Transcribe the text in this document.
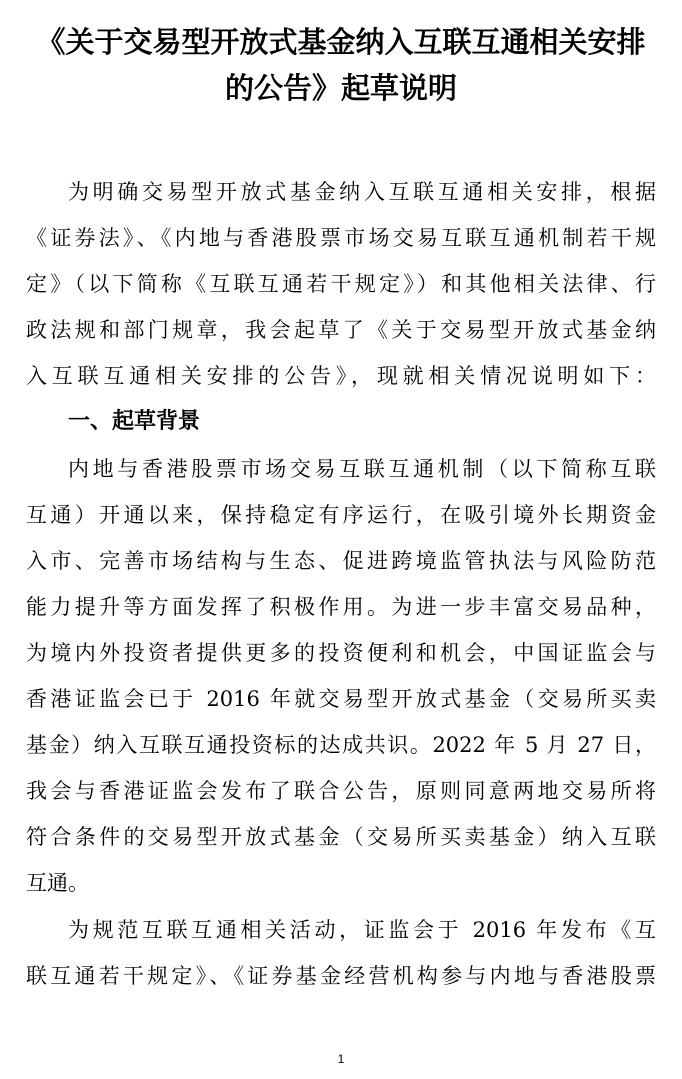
《关于交易型开放式基金纳入互联互通相关安排
的公告》起草说明
为明确交易型开放式基金纳入互联互通相关安排，根据
《证券法》、《内地与香港股票市场交易互联互通机制若干规
定》（以下简称《互联互通若干规定》）和其他相关法律、行
政法规和部门规章，我会起草了《关于交易型开放式基金纳
入互联互通相关安排的公告》，现就相关情况说明如下：
一、起草背景
内地与香港股票市场交易互联互通机制（以下简称互联
互通）开通以来，保持稳定有序运行，在吸引境外长期资金
入市、完善市场结构与生态、促进跨境监管执法与风险防范
能力提升等方面发挥了积极作用。为进一步丰富交易品种，
为境内外投资者提供更多的投资便利和机会，中国证监会与
香港证监会已于 2016 年就交易型开放式基金（交易所买卖
基金）纳入互联互通投资标的达成共识。2022 年 5 月 27 日，
我会与香港证监会发布了联合公告，原则同意两地交易所将
符合条件的交易型开放式基金（交易所买卖基金）纳入互联
互通。
为规范互联互通相关活动，证监会于 2016 年发布《互
联互通若干规定》、《证券基金经营机构参与内地与香港股票
1
